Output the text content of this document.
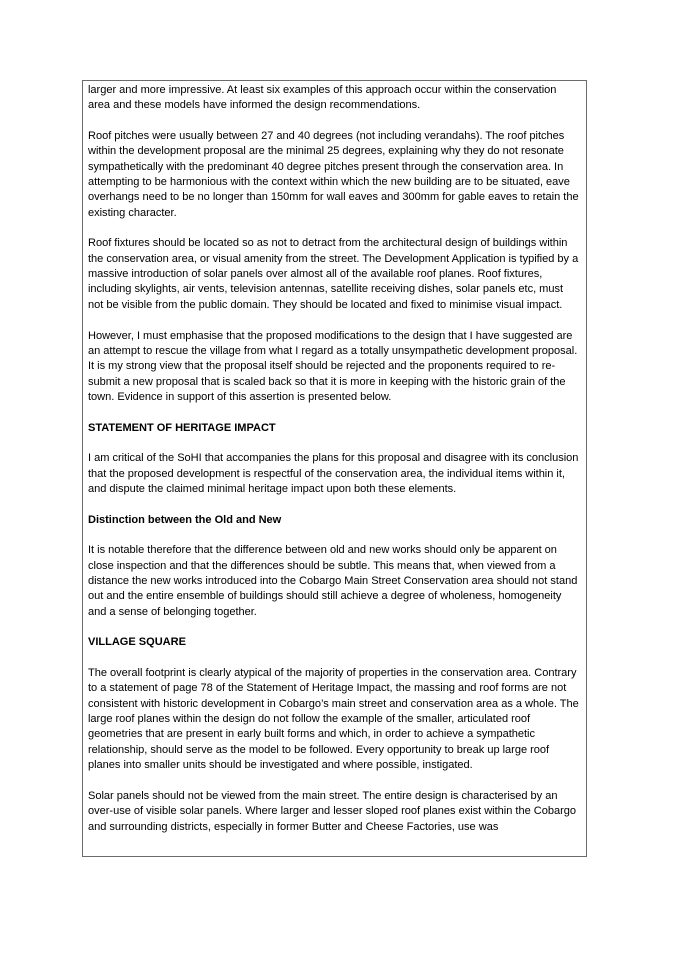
larger and more impressive. At least six examples of this approach occur within the conservation area and these models have informed the design recommendations.

Roof pitches were usually between 27 and 40 degrees (not including verandahs). The roof pitches within the development proposal are the minimal 25 degrees, explaining why they do not resonate sympathetically with the predominant 40 degree pitches present through the conservation area. In attempting to be harmonious with the context within which the new building are to be situated, eave overhangs need to be no longer than 150mm for wall eaves and 300mm for gable eaves to retain the existing character.

Roof fixtures should be located so as not to detract from the architectural design of buildings within the conservation area, or visual amenity from the street. The Development Application is typified by a massive introduction of solar panels over almost all of the available roof planes. Roof fixtures, including skylights, air vents, television antennas, satellite receiving dishes, solar panels etc, must not be visible from the public domain. They should be located and fixed to minimise visual impact.

However, I must emphasise that the proposed modifications to the design that I have suggested are an attempt to rescue the village from what I regard as a totally unsympathetic development proposal. It is my strong view that the proposal itself should be rejected and the proponents required to re-submit a new proposal that is scaled back so that it is more in keeping with the historic grain of the town. Evidence in support of this assertion is presented below.

STATEMENT OF HERITAGE IMPACT

I am critical of the SoHI that accompanies the plans for this proposal and disagree with its conclusion that the proposed development is respectful of the conservation area, the individual items within it, and dispute the claimed minimal heritage impact upon both these elements.

Distinction between the Old and New

It is notable therefore that the difference between old and new works should only be apparent on close inspection and that the differences should be subtle. This means that, when viewed from a distance the new works introduced into the Cobargo Main Street Conservation area should not stand out and the entire ensemble of buildings should still achieve a degree of wholeness, homogeneity and a sense of belonging together.

VILLAGE SQUARE

The overall footprint is clearly atypical of the majority of properties in the conservation area. Contrary to a statement of page 78 of the Statement of Heritage Impact, the massing and roof forms are not consistent with historic development in Cobargo’s main street and conservation area as a whole. The large roof planes within the design do not follow the example of the smaller, articulated roof geometries that are present in early built forms and which, in order to achieve a sympathetic relationship, should serve as the model to be followed. Every opportunity to break up large roof planes into smaller units should be investigated and where possible, instigated.

Solar panels should not be viewed from the main street. The entire design is characterised by an over-use of visible solar panels. Where larger and lesser sloped roof planes exist within the Cobargo and surrounding districts, especially in former Butter and Cheese Factories, use was
